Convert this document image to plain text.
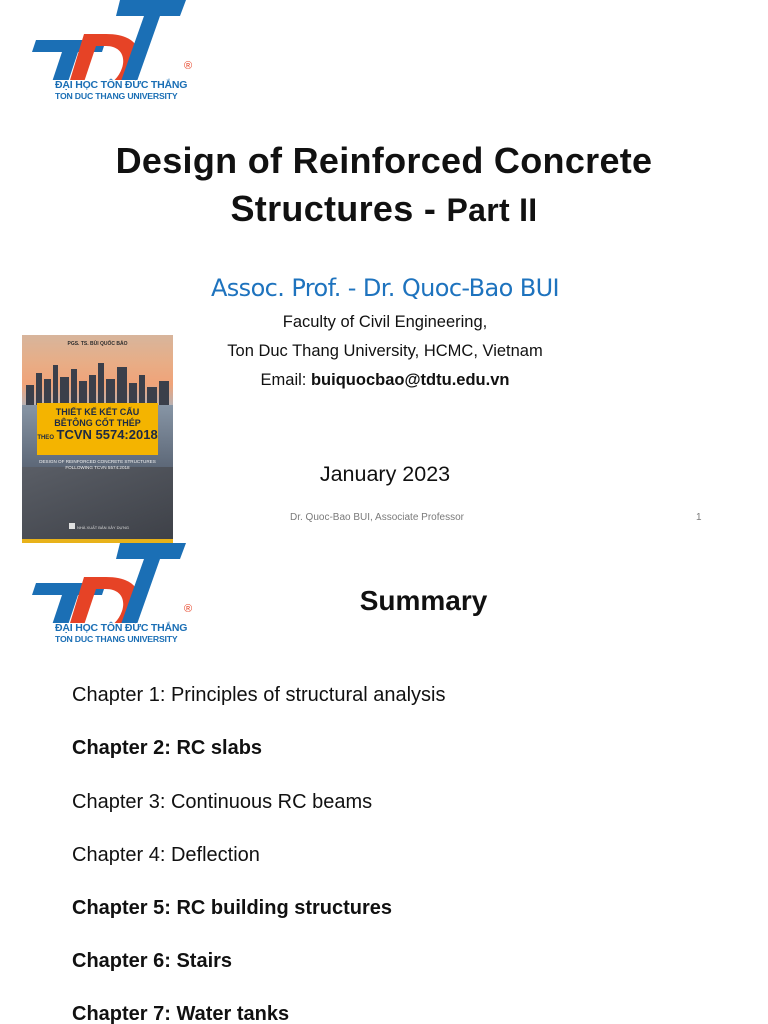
®
ĐẠI HỌC TÔN ĐỨC THẮNG
TON DUC THANG UNIVERSITY
Design of Reinforced Concrete
Structures - Part II
Assoc. Prof. - Dr. Quoc-Bao BUI
Faculty of Civil Engineering,
Ton Duc Thang University, HCMC, Vietnam
Email: buiquocbao@tdtu.edu.vn
January 2023
Dr. Quoc-Bao BUI, Associate Professor	1
PGS. TS. BÙI QUỐC BẢO
THIẾT KẾ KẾT CẤU
BÊTÔNG CỐT THÉP
THEO TCVN 5574:2018
DESIGN OF REINFORCED CONCRETE STRUCTURES
FOLLOWING TCVN 5574:2018
NHÀ XUẤT BẢN XÂY DỰNG
®
ĐẠI HỌC TÔN ĐỨC THẮNG
TON DUC THANG UNIVERSITY
Summary
Chapter 1: Principles of structural analysis
Chapter 2: RC slabs
Chapter 3: Continuous RC beams
Chapter 4: Deflection
Chapter 5: RC building structures
Chapter 6: Stairs
Chapter 7: Water tanks
